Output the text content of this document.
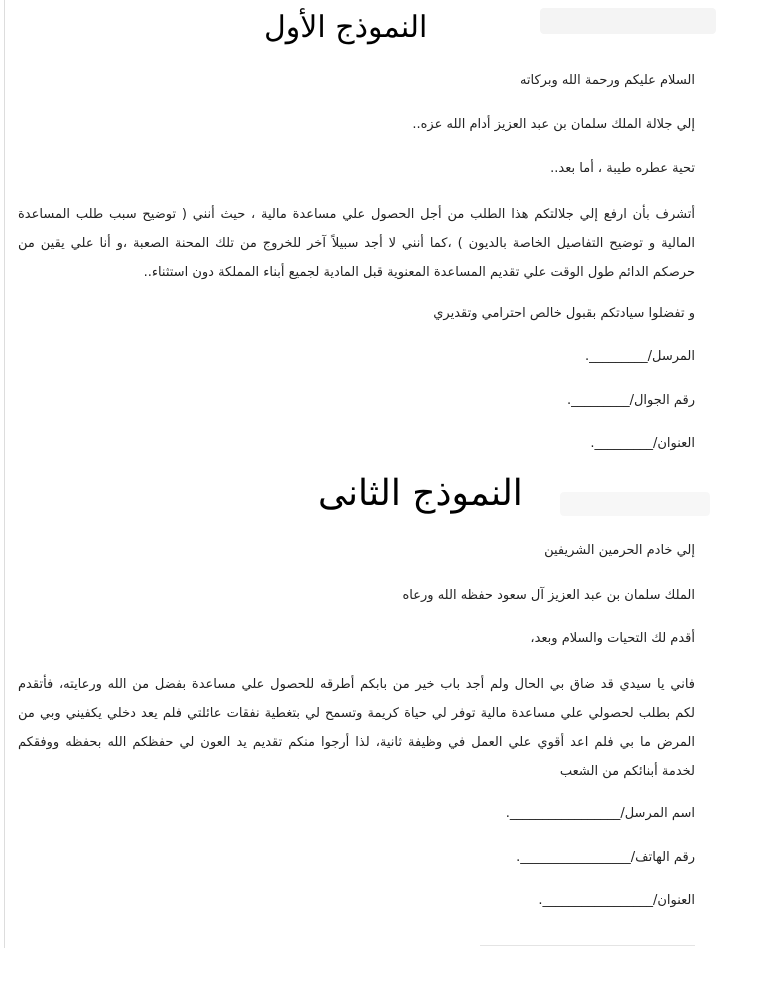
النموذج الأول

السلام عليكم ورحمة الله وبركاته

إلي جلالة الملك سلمان بن عبد العزيز أدام الله عزه..

تحية عطره طيبة ، أما بعد..

أتشرف بأن ارفع إلي جلالتكم هذا الطلب من أجل الحصول علي مساعدة مالية ، حيث أنني ( توضيح سبب طلب المساعدة
المالية و توضيح التفاصيل الخاصة بالديون ) ،كما أنني لا أجد سبيلاً آخر للخروج من تلك المحنة الصعبة ،و أنا علي يقين من
حرصكم الدائم طول الوقت علي تقديم المساعدة المعنوية قبل المادية لجميع أبناء المملكة دون استثناء..

و تفضلوا سيادتكم بقبول خالص احترامي وتقديري

المرسل/_________.

رقم الجوال/_________.

العنوان/_________.

النموذج الثانى

إلي خادم الحرمين الشريفين

الملك سلمان بن عبد العزيز آل سعود حفظه الله ورعاه

أقدم لك التحيات والسلام وبعد،

فاني يا سيدي قد ضاق بي الحال ولم أجد باب خير من بابكم أطرقه للحصول علي مساعدة بفضل من الله ورعايته، فأتقدم
لكم بطلب لحصولي علي مساعدة مالية توفر لي حياة كريمة وتسمح لي بتغطية نفقات عائلتي فلم يعد دخلي يكفيني وبي من
المرض ما بي فلم اعد أقوي علي العمل في وظيفة ثانية، لذا أرجوا منكم تقديم يد العون لي حفظكم الله بحفظه ووفقكم
لخدمة أبنائكم من الشعب

اسم المرسل/_________________.

رقم الهاتف/_________________.

العنوان/_________________.
